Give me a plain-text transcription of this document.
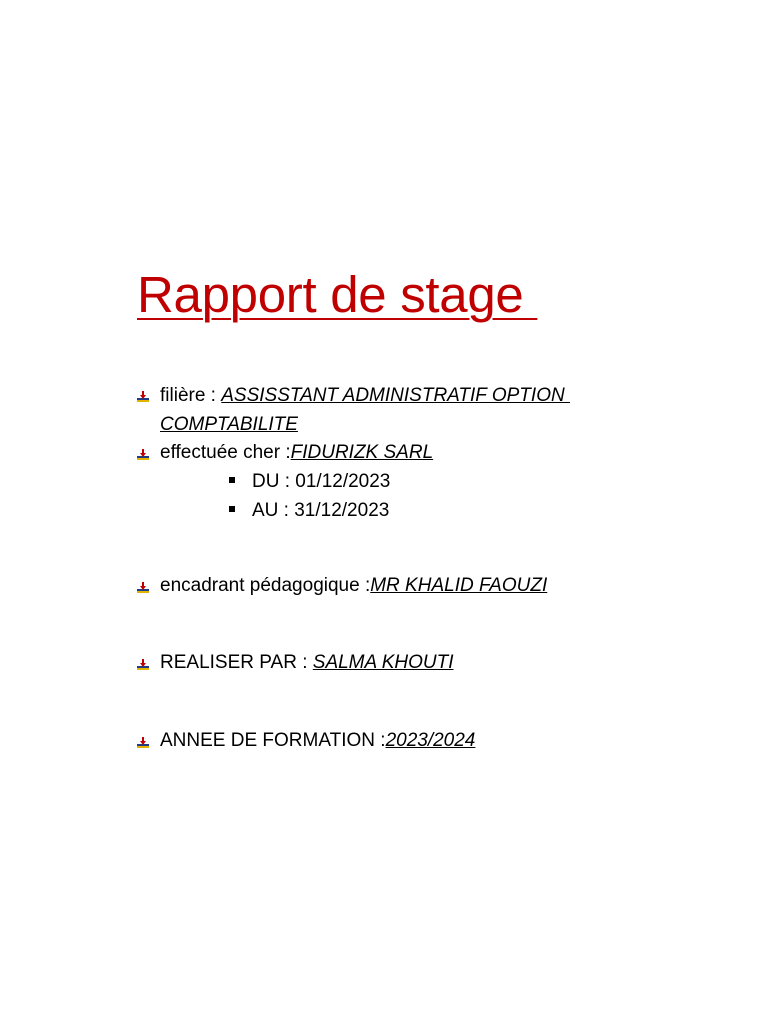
Rapport de stage
filière : ASSISSTANT ADMINISTRATIF OPTION
COMPTABILITE
effectuée cher :FIDURIZK SARL
DU : 01/12/2023
AU : 31/12/2023
encadrant pédagogique :MR KHALID FAOUZI
REALISER PAR : SALMA KHOUTI
ANNEE DE FORMATION :2023/2024
